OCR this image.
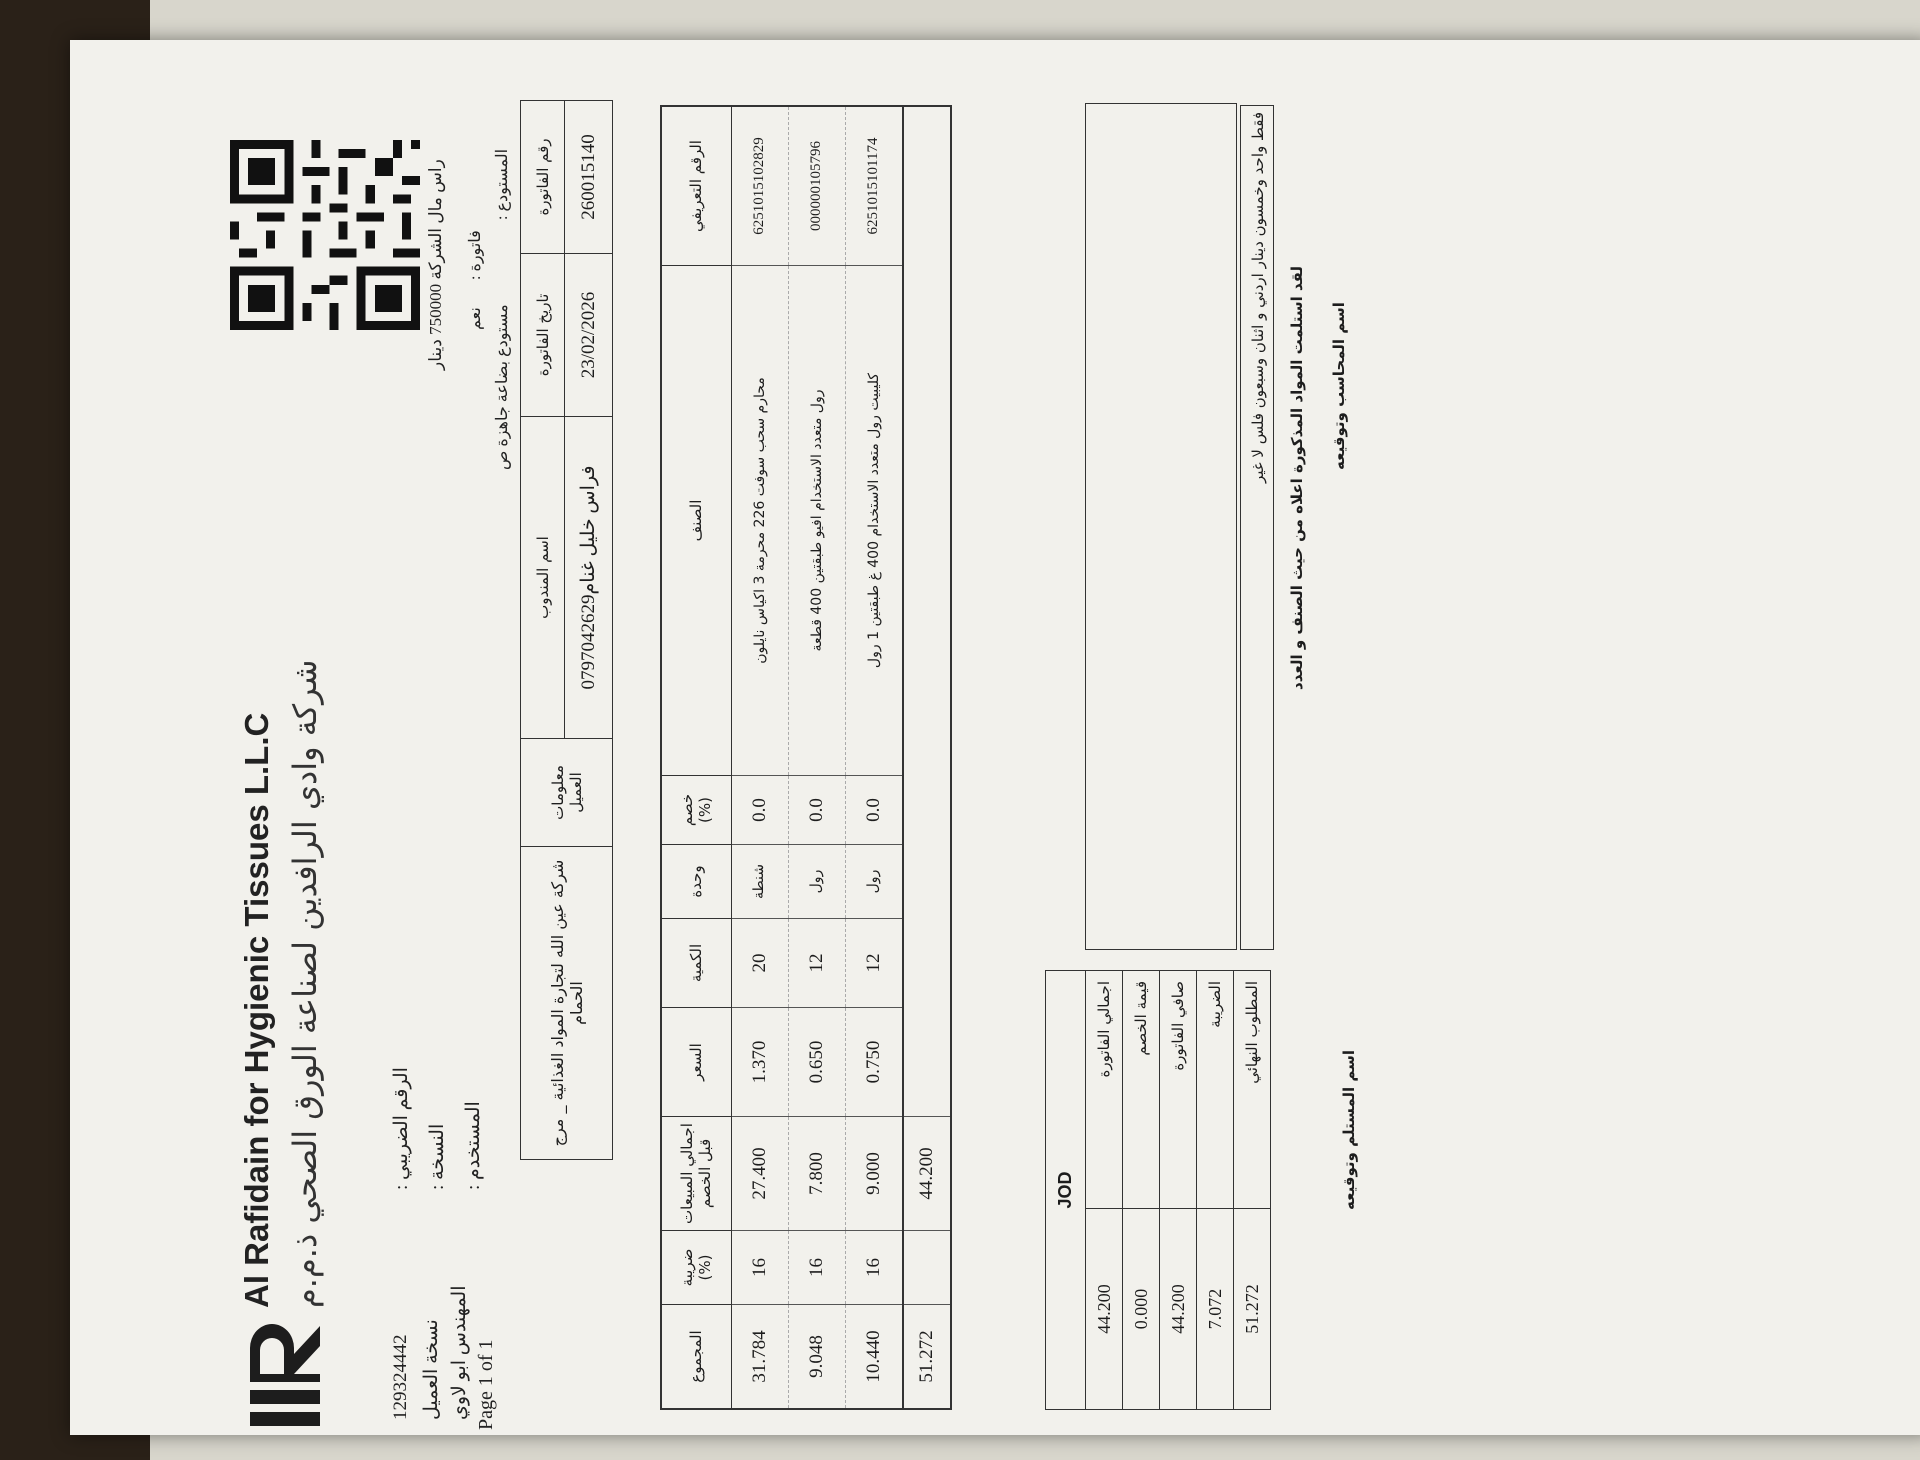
Al Rafidain for Hygienic Tissues L.L.C شركة وادي الرافدين لصناعة الورق الصحي ذ.م.م
129324442 نسخة العميل المهندس ابو لاوي Page 1 of 1
الرقم الضريبي : النسخة : المستخدم :
راس مال الشركة 750000 دينار فاتورة :
نعم
المستودع :
مستودع بضاعة جاهزة ص
شركة عين الله لتجارة المواد الغذائية _ مرج الحمام	معلومات العميل	اسم المندوب	تاريخ الفاتورة	رقم الفاتورة
		فراس خليل غنام0797042629	23/02/2026	260015140
المجموع	ضريبة (%)	اجمالي المبيعات قبل الخصم	السعر	الكمية	وحدة	خصم (%)	الصنف	الرقم التعريفي
31.784	16	27.400	1.370	20	شنطة	0.0	محارم سحب سوفت 226 محرمة 3 اكياس نايلون	6251015102829
9.048	16	7.800	0.650	12	رول	0.0	رول متعدد الاستخدام افيو طبقتين 400 قطعة	000000105796
10.440	16	9.000	0.750	12	رول	0.0	كليبيت رول متعدد الاستخدام 400 غ طبقتين 1 رول	6251015101174
51.272		44.200							JOD	
44.200	اجمالي الفاتورة
0.000	قيمة الخصم
44.200	صافي الفاتورة
7.072	الضريبة
51.272	المطلوب النهائي
فقط واحد وخمسون دينار اردني و اثنان وسبعون فلس لا غير	لقد استلمت المواد المذكورة اعلاه من حيث الصنف و العدد
اسم المستلم وتوقيعه
اسم المحاسب وتوقيعه
